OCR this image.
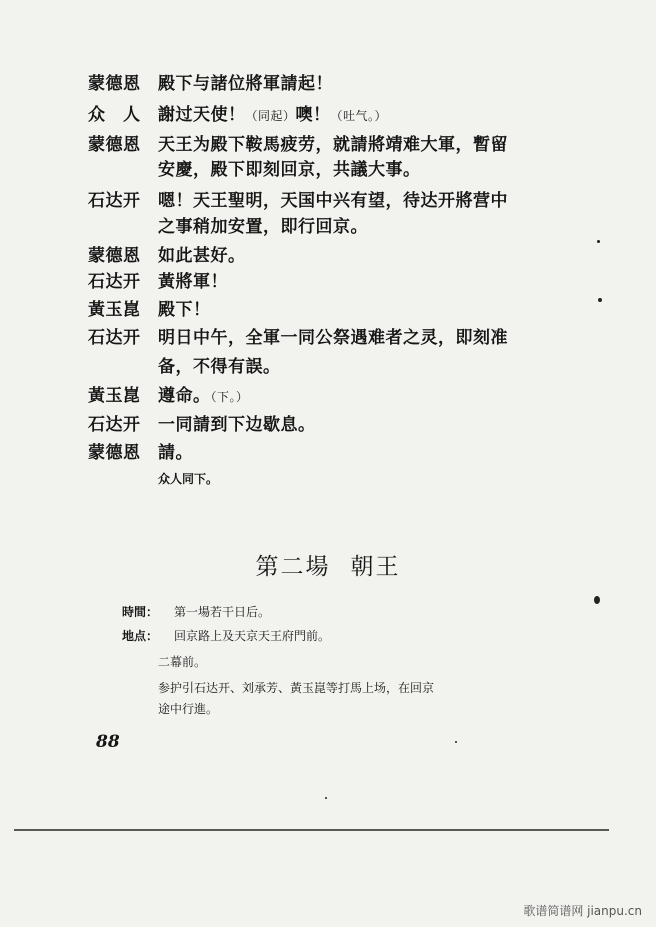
蒙德恩	殿下与諸位將軍請起！
众　人	謝过天使！（同起）噢！（吐气。）
蒙德恩	天王为殿下鞍馬疲劳，就請將靖难大軍，暫留
安慶，殿下即刻回京，共議大事。
石达开	嗯！天王聖明，天国中兴有望，待达开將营中
之事稍加安置，即行回京。
蒙德恩	如此甚好。
石达开	黃將軍！
黃玉崑	殿下！
石达开	明日中午，全軍一同公祭遇难者之灵，即刻准
备，不得有誤。
黃玉崑	遵命。（下。）
石达开	一同請到下边歇息。
蒙德恩	請。
众人同下。
第二場 朝王
時間： 第一場若干日后。
地点： 回京路上及天京天王府門前。
二幕前。
参护引石达开、刘承芳、黃玉崑等打馬上场，在回京
途中行進。
88
歌谱简谱网 jianpu.cn
